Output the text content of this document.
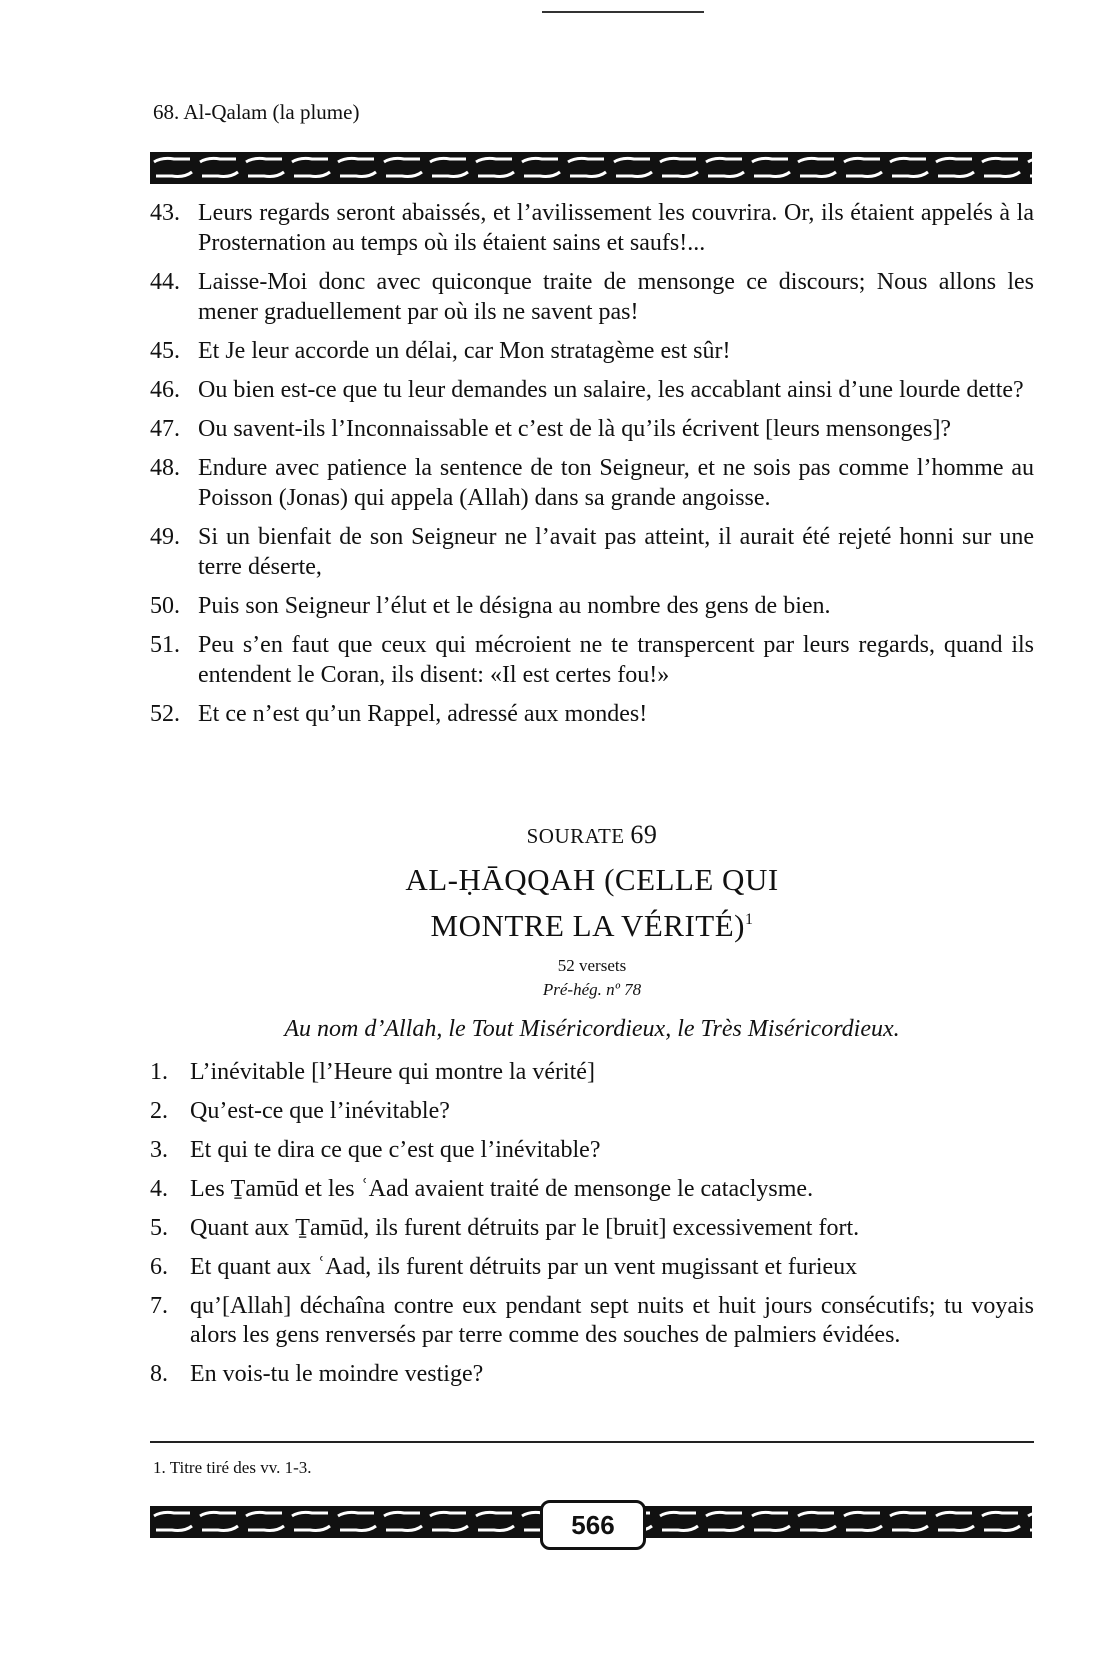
68. Al-Qalam (la plume)
43. Leurs regards seront abaissés, et l’avilissement les couvrira. Or, ils étaient appelés à la Prosternation au temps où ils étaient sains et saufs!...
44. Laisse-Moi donc avec quiconque traite de mensonge ce discours; Nous allons les mener graduellement par où ils ne savent pas!
45. Et Je leur accorde un délai, car Mon stratagème est sûr!
46. Ou bien est-ce que tu leur demandes un salaire, les accablant ainsi d’une lourde dette?
47. Ou savent-ils l’Inconnaissable et c’est de là qu’ils écrivent [leurs mensonges]?
48. Endure avec patience la sentence de ton Seigneur, et ne sois pas comme l’homme au Poisson (Jonas) qui appela (Allah) dans sa grande angoisse.
49. Si un bienfait de son Seigneur ne l’avait pas atteint, il aurait été rejeté honni sur une terre déserte,
50. Puis son Seigneur l’élut et le désigna au nombre des gens de bien.
51. Peu s’en faut que ceux qui mécroient ne te transpercent par leurs regards, quand ils entendent le Coran, ils disent: «Il est certes fou!»
52. Et ce n’est qu’un Rappel, adressé aux mondes!
SOURATE 69
AL-ḤĀQQAH (CELLE QUI
MONTRE LA VÉRITÉ)$^1$
52 versets
Pré-hég. nº 78
Au nom d’Allah, le Tout Miséricordieux, le Très Miséricordieux.
1. L’inévitable [l’Heure qui montre la vérité]
2. Qu’est-ce que l’inévitable?
3. Et qui te dira ce que c’est que l’inévitable?
4. Les Ṯamūd et les ʿAad avaient traité de mensonge le cataclysme.
5. Quant aux Ṯamūd, ils furent détruits par le [bruit] excessivement fort.
6. Et quant aux ʿAad, ils furent détruits par un vent mugissant et furieux
7. qu’[Allah] déchaîna contre eux pendant sept nuits et huit jours consécutifs; tu voyais alors les gens renversés par terre comme des souches de palmiers évidées.
8. En vois-tu le moindre vestige?
1. Titre tiré des vv. 1-3.
566
